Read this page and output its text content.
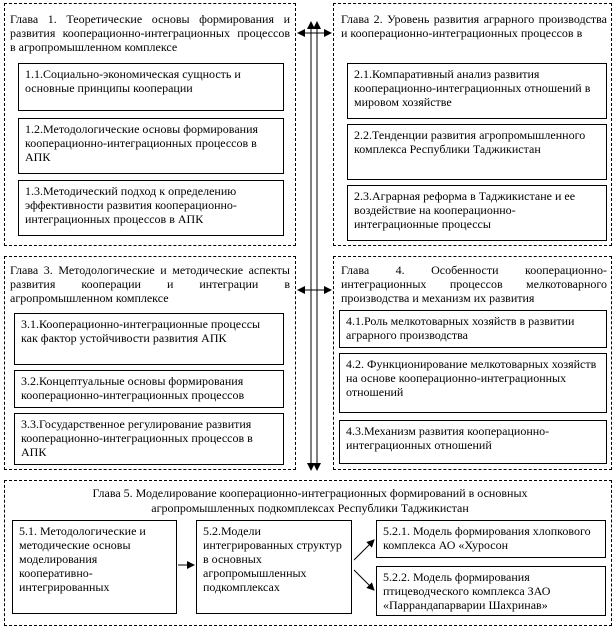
Глава 1. Теоретические основы формирования и развития кооперационно-интеграционных процессов в агропромышленном комплексе
1.1.Социально-экономическая сущность и основные принципы кооперации
1.2.Методологические основы формирования кооперационно-интеграционных процессов в АПК
1.3.Методический подход к определению эффективности развития кооперационно-интеграционных процессов в АПК
Глава 2. Уровень развития аграрного производства и кооперационно-интеграционных процессов в
2.1.Компаративный анализ развития кооперационно-интеграционных отношений в мировом хозяйстве
2.2.Тенденции развития агропромышленного комплекса Республики Таджикистан
2.3.Аграрная реформа в Таджикистане и ее воздействие на кооперационно-интеграционные процессы
Глава 3. Методологические и методические аспекты развития кооперации и интеграции в агропромышленном комплексе
3.1.Кооперационно-интеграционные процессы как фактор устойчивости развития АПК
3.2.Концептуальные основы формирования кооперационно-интеграционных процессов
3.3.Государственное регулирование развития кооперационно-интеграционных процессов в АПК
Глава 4. Особенности кооперационно-интеграционных процессов мелкотоварного производства и механизм их развития
4.1.Роль мелкотоварных хозяйств в развитии аграрного производства
4.2. Функционирование мелкотоварных хозяйств на основе кооперационно-интеграционных отношений
4.3.Механизм развития кооперационно-интеграционных отношений
Глава 5. Моделирование кооперационно-интеграционных формирований в основных агропромышленных подкомплексах Республики Таджикистан
5.1. Методологические и методические основы моделирования кооперативно-интегрированных
5.2.Модели интегрированных структур в основных агропромышленных подкомплексах
5.2.1. Модель формирования хлопкового комплекса АО «Хуросон
5.2.2. Модель формирования птицеводческого комплекса ЗАО «Паррандапарварии Шахринав»
